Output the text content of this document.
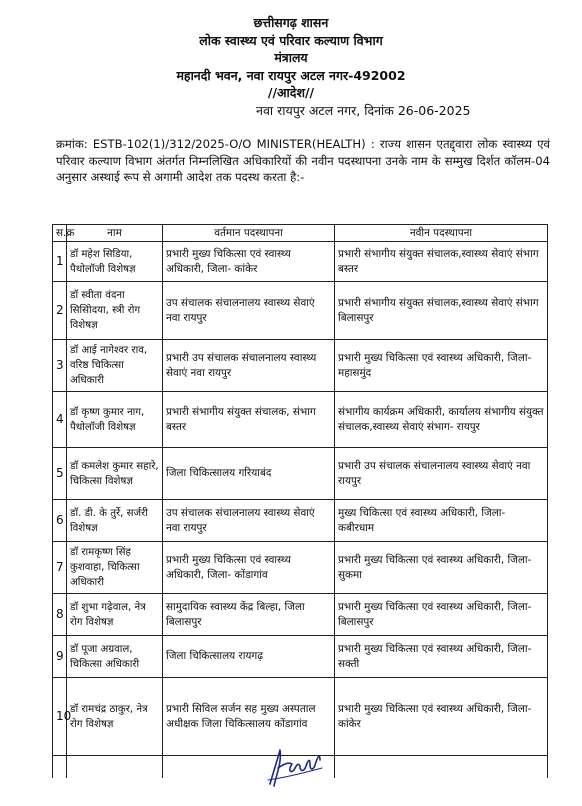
छत्तीसगढ़ शासन
लोक स्वास्थ्य एवं परिवार कल्याण विभाग
मंत्रालय
महानदी भवन, नवा रायपुर अटल नगर-492002
//आदेश//
नवा रायपुर अटल नगर, दिनांक 26-06-2025
क्रमांक: ESTB-102(1)/312/2025-O/O MINISTER(HEALTH) : राज्य शासन एतद्द्वारा लोक स्वास्थ्य एवं परिवार कल्याण विभाग अंतर्गत निम्नलिखित अधिकारियों की नवीन पदस्थापना उनके नाम के सम्मुख दिर्शत कॉलम-04 अनुसार अस्थाई रूप से अगामी आदेश तक पदस्थ करता है:-
स.क्र	नाम	वर्तमान पदस्थापना	नवीन पदस्थापना
1	डॉ महेश सिडिया, पैथोलॉजी विशेषज्ञ	प्रभारी मुख्य चिकित्सा एवं स्वास्थ्य अधिकारी, जिला- कांकेर	प्रभारी संभागीय संयुक्त संचालक,स्वास्थ्य सेवाएं संभाग बस्तर
2	डॉ स्वीता वंदना सिसिोदया, स्त्री रोग विशेषज्ञ	उप संचालक संचालनालय स्वास्थ्य सेवाएं नवा रायपुर	प्रभारी संभागीय संयुक्त संचालक,स्वास्थ्य सेवाएं संभाग बिलासपुर
3	डॉ आई नागेश्वर राव, वरिष्ठ चिकित्सा अधिकारी	प्रभारी उप संचालक संचालनालय स्वास्थ्य सेवाएं नवा रायपुर	प्रभारी मुख्य चिकित्सा एवं स्वास्थ्य अधिकारी, जिला- महासमुंद
4	डॉ कृष्ण कुमार नाग, पैथोलॉजी विशेषज्ञ	प्रभारी संभागीय संयुक्त संचालक, संभाग बस्तर	संभागीय कार्यक्रम अधिकारी, कार्यालय संभागीय संयुक्त संचालक,स्वास्थ्य सेवाएं संभाग- रायपुर
5	डॉ कमलेश कुमार सहारे, चिकित्सा विशेषज्ञ	जिला चिकित्सालय गरियाबंद	प्रभारी उप संचालक संचालनालय स्वास्थ्य सेवाएं नवा रायपुर
6	डॉ. डी. के तुर्रे, सर्जरी विशेषज्ञ	उप संचालक संचालनालय स्वास्थ्य सेवाएं नवा रायपुर	मुख्य चिकित्सा एवं स्वास्थ्य अधिकारी, जिला- कबीरधाम
7	डॉ रामकृष्ण सिंह कुशवाहा, चिकित्सा अधिकारी	प्रभारी मुख्य चिकित्सा एवं स्वास्थ्य अधिकारी, जिला- कोंडागांव	प्रभारी मुख्य चिकित्सा एवं स्वास्थ्य अधिकारी, जिला- सुकमा
8	डॉ शुभा गढ़ेवाल, नेत्र रोग विशेषज्ञ	सामुदायिक स्वास्थ्य केंद्र बिल्हा, जिला बिलासपुर	प्रभारी मुख्य चिकित्सा एवं स्वास्थ्य अधिकारी, जिला- बिलासपुर
9	डॉ पूजा अग्रवाल, चिकित्सा अधिकारी	जिला चिकित्सालय रायगढ़	प्रभारी मुख्य चिकित्सा एवं स्वास्थ्य अधिकारी, जिला- सक्ती
10	डॉ रामचंद्र ठाकुर, नेत्र रोग विशेषज्ञ	प्रभारी सिविल सर्जन सह मुख्य अस्पताल अधीक्षक जिला चिकित्सालय कोंडागांव	प्रभारी मुख्य चिकित्सा एवं स्वास्थ्य अधिकारी, जिला- कांकेर
